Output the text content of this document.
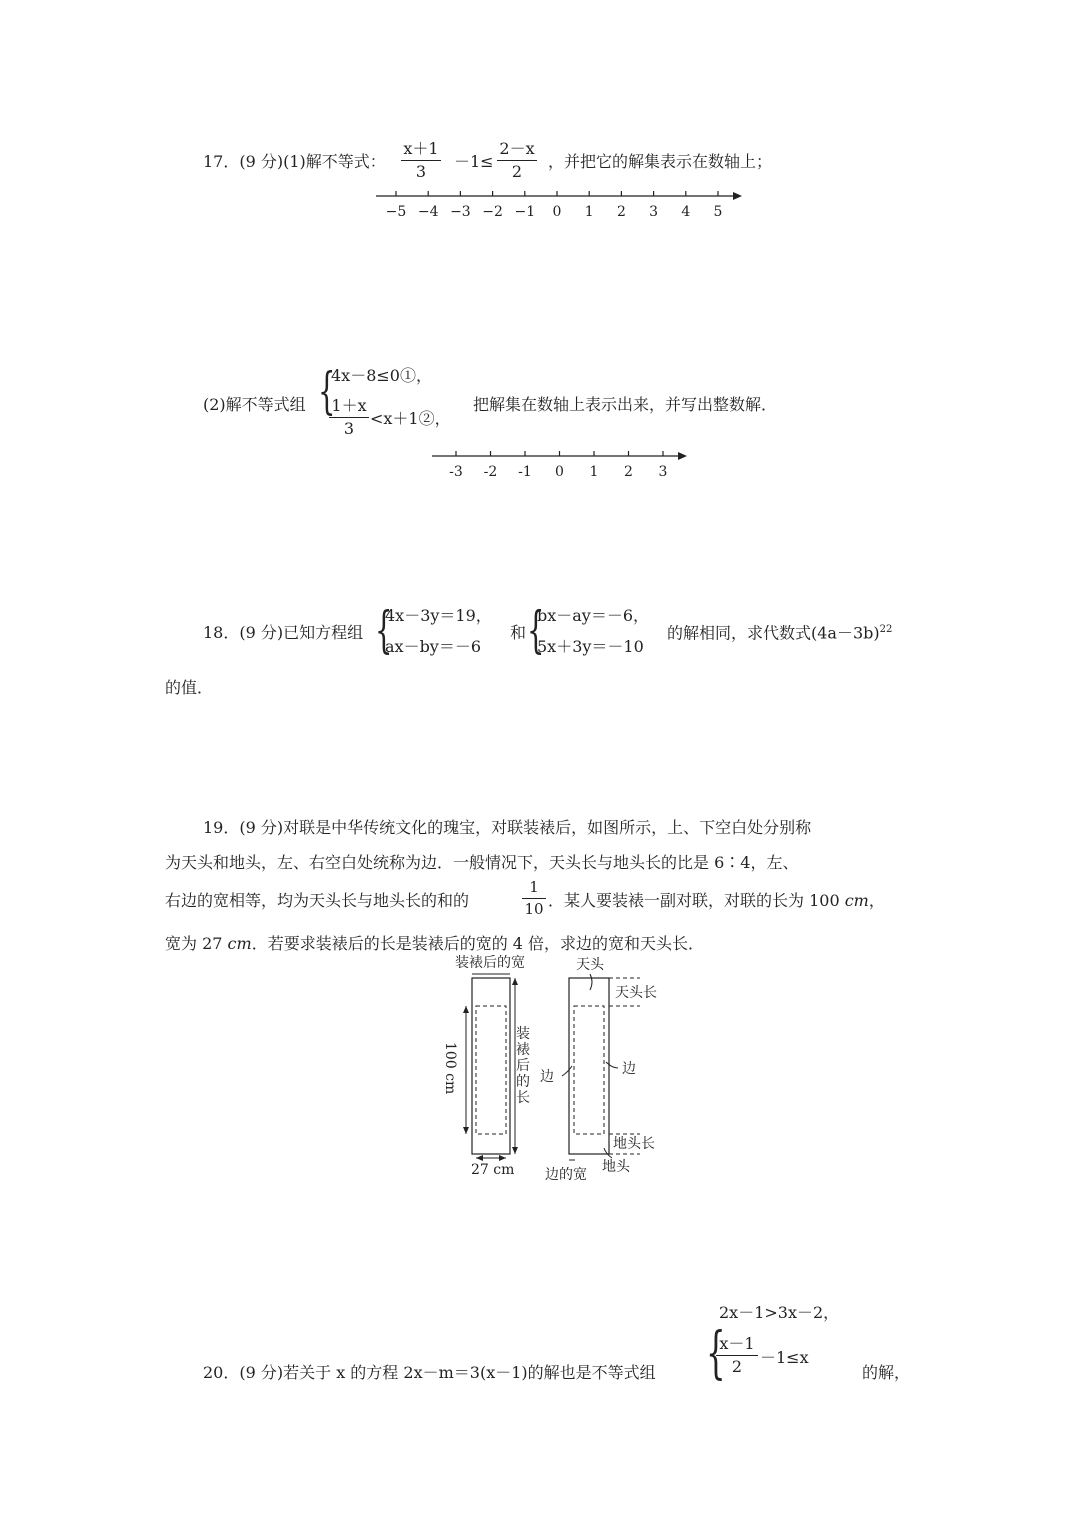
17．(9 分)(1)解不等式：
x＋1
3
－1≤
2－x
2
，并把它的解集表示在数轴上；
−5 −4 −3 −2 −1 0 1 2 3 4 5
-3 -2 -1 0 1 2 3
(2)解不等式组 {
4x－8≤0①，
1＋x
3
<x＋1②，
把解集在数轴上表示出来，并写出整数解．
18．(9 分)已知方程组 {
4x－3y＝19，
ax－by＝－6
和 {
bx－ay＝－6，
5x＋3y＝－10
的解相同，求代数式$(4a-3b)^{22}$
的值．
19．(9 分)对联是中华传统文化的瑰宝，对联装裱后，如图所示，上、下空白处分别称
为天头和地头，左、右空白处统称为边．一般情况下，天头长与地头长的比是 6∶4，左、
右边的宽相等，均为天头长与地头长的和的
1
10 ．某人要装裱一副对联，对联的长为 100 cm，
宽为 27 cm．若要求装裱后的长是装裱后的宽的 4 倍，求边的宽和天头长．
装裱后的宽
100 cm
27 cm
装
裱
后
的
长
天头
天头长
边	边
地头长
地头
边的宽
20．(9 分)若关于 x 的方程 2x－m＝3(x－1)的解也是不等式组 {
2x－1>3x－2，
x－1
2	－1≤x
的解，
